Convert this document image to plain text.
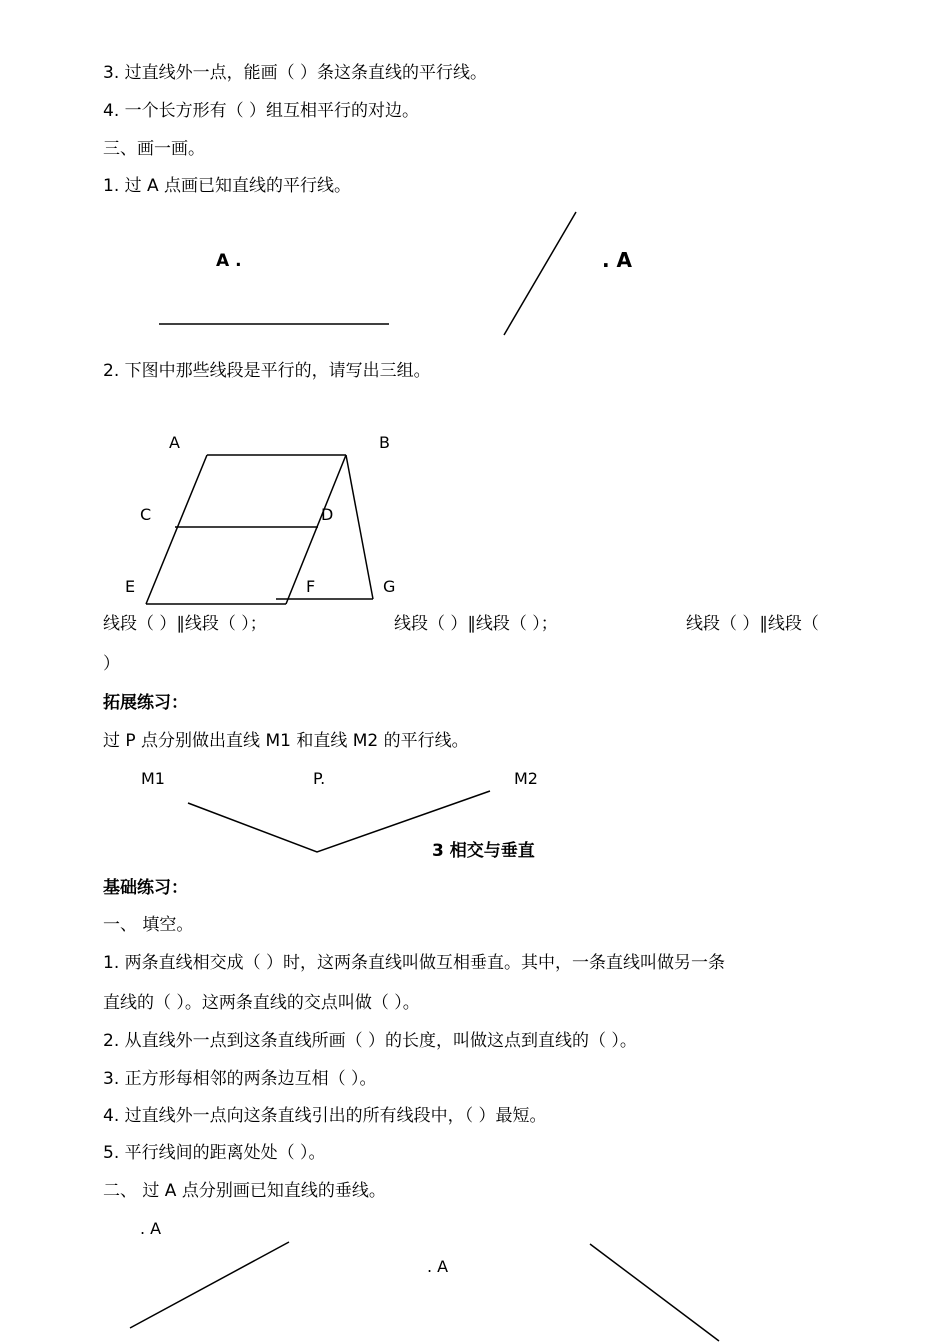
3. 过直线外一点，能画（ ）条这条直线的平行线。
4. 一个长方形有（ ）组互相平行的对边。
三、画一画。
1. 过 A 点画已知直线的平行线。
A .	. A
2. 下图中那些线段是平行的，请写出三组。
A	B
C	D
E	F	G
线段（ ）∥线段（ ）；	线段（ ）∥线段（ ）；	线段（ ）∥线段（
）
拓展练习：
过 P 点分别做出直线 M1 和直线 M2 的平行线。
M1	P.	M2
3 相交与垂直
基础练习：
一、 填空。
1. 两条直线相交成（ ）时，这两条直线叫做互相垂直。其中，一条直线叫做另一条
直线的（ ）。这两条直线的交点叫做（ ）。
2. 从直线外一点到这条直线所画（ ）的长度，叫做这点到直线的（ ）。
3. 正方形每相邻的两条边互相（ ）。
4. 过直线外一点向这条直线引出的所有线段中，（ ）最短。
5. 平行线间的距离处处（ ）。
二、 过 A 点分别画已知直线的垂线。
. A
. A
